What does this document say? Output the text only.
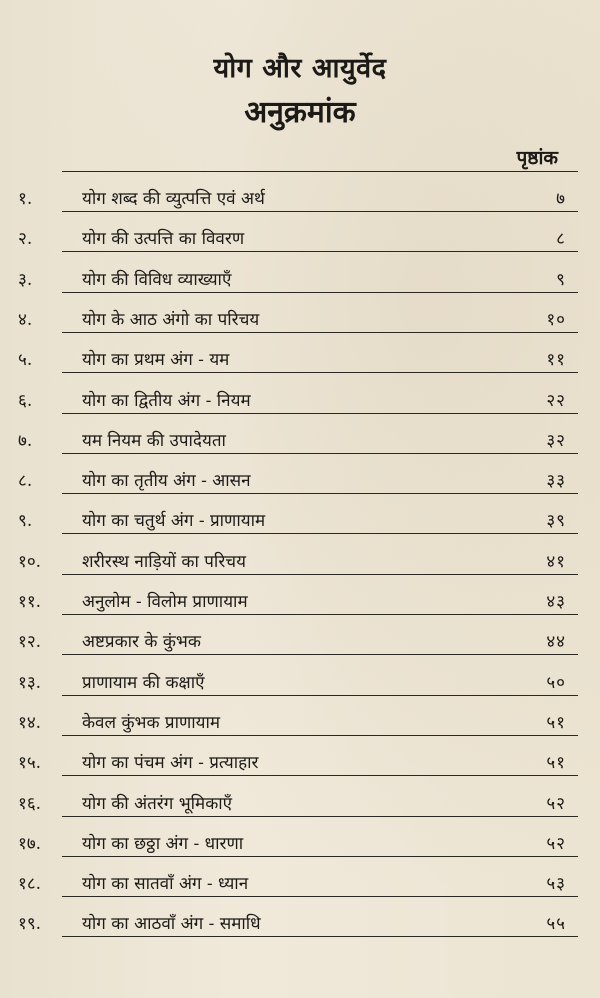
योग और आयुर्वेद
अनुक्रमांक
पृष्ठांक
१.	योग शब्द की व्युत्पत्ति एवं अर्थ	७
२.	योग की उत्पत्ति का विवरण	८
३.	योग की विविध व्याख्याएँ	९
४.	योग के आठ अंगो का परिचय	१०
५.	योग का प्रथम अंग - यम	११
६.	योग का द्वितीय अंग - नियम	२२
७.	यम नियम की उपादेयता	३२
८.	योग का तृतीय अंग - आसन	३३
९.	योग का चतुर्थ अंग - प्राणायाम	३९
१०. शरीरस्थ नाड़ियों का परिचय	४१
११. अनुलोम - विलोम प्राणायाम	४३
१२. अष्टप्रकार के कुंभक	४४
१३. प्राणायाम की कक्षाएँ	५०
१४. केवल कुंभक प्राणायाम	५१
१५. योग का पंचम अंग - प्रत्याहार	५१
१६. योग की अंतरंग भूमिकाएँ	५२
१७. योग का छठ्ठा अंग - धारणा	५२
१८. योग का सातवाँ अंग - ध्यान	५३
१९. योग का आठवाँ अंग - समाधि	५५
